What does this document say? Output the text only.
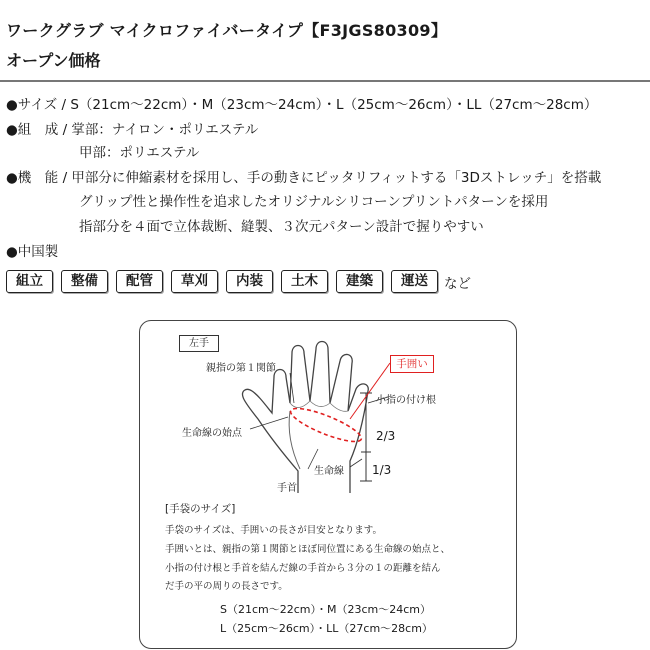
ワークグラブ マイクロファイバータイプ【F3JGS80309】
オープン価格
●サイズ / S（21cm～22cm）・M（23cm～24cm）・L（25cm～26cm）・LL（27cm～28cm）
●組　成 / 掌部：ナイロン・ポリエステル
甲部：ポリエステル
●機　能 / 甲部分に伸縮素材を採用し、手の動きにピッタリフィットする「3Dストレッチ」を搭載
グリップ性と操作性を追求したオリジナルシリコーンプリントパターンを採用
指部分を４面で立体裁断、縫製、３次元パターン設計で握りやすい
●中国製
組立	整備	配管	草刈	内装	土木	建築	運送	など
左手
手囲い
親指の第１関節
小指の付け根
生命線の始点
手首
生命線
2/3
1/3
[手袋のサイズ]
手袋のサイズは、手囲いの長さが目安となります。
手囲いとは、親指の第１関節とほぼ同位置にある生命線の始点と、
小指の付け根と手首を結んだ線の手首から３分の１の距離を結ん
だ手の平の周りの長さです。
S（21cm～22cm）・M（23cm～24cm）
L（25cm～26cm）・LL（27cm～28cm）
